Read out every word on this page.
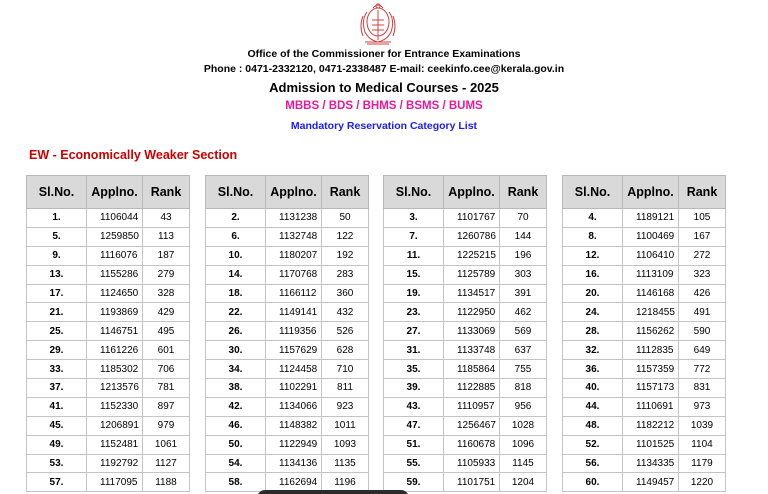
Office of the Commissioner for Entrance Examinations
Phone : 0471-2332120, 0471-2338487 E-mail: ceekinfo.cee@kerala.gov.in
Admission to Medical Courses - 2025
MBBS / BDS / BHMS / BSMS / BUMS
Mandatory Reservation Category List
EW - Economically Weaker Section
Sl.No.	Applno.	Rank
1.	1106044	43
5.	1259850	113
9.	1116076	187
13.	1155286	279
17.	1124650	328
21.	1193869	429
25.	1146751	495
29.	1161226	601
33.	1185302	706
37.	1213576	781
41.	1152330	897
45.	1206891	979
49.	1152481	1061
53.	1192792	1127
57.	1117095	1188
Sl.No.	Applno.	Rank
2.	1131238	50
6.	1132748	122
10.	1180207	192
14.	1170768	283
18.	1166112	360
22.	1149141	432
26.	1119356	526
30.	1157629	628
34.	1124458	710
38.	1102291	811
42.	1134066	923
46.	1148382	1011
50.	1122949	1093
54.	1134136	1135
58.	1162694	1196
Sl.No.	Applno.	Rank
3.	1101767	70
7.	1260786	144
11.	1225215	196
15.	1125789	303
19.	1134517	391
23.	1122950	462
27.	1133069	569
31.	1133748	637
35.	1185864	755
39.	1122885	818
43.	1110957	956
47.	1256467	1028
51.	1160678	1096
55.	1105933	1145
59.	1101751	1204
Sl.No.	Applno.	Rank
4.	1189121	105
8.	1100469	167
12.	1106410	272
16.	1113109	323
20.	1146168	426
24.	1218455	491
28.	1156262	590
32.	1112835	649
36.	1157359	772
40.	1157173	831
44.	1110691	973
48.	1182212	1039
52.	1101525	1104
56.	1134335	1179
60.	1149457	1220
